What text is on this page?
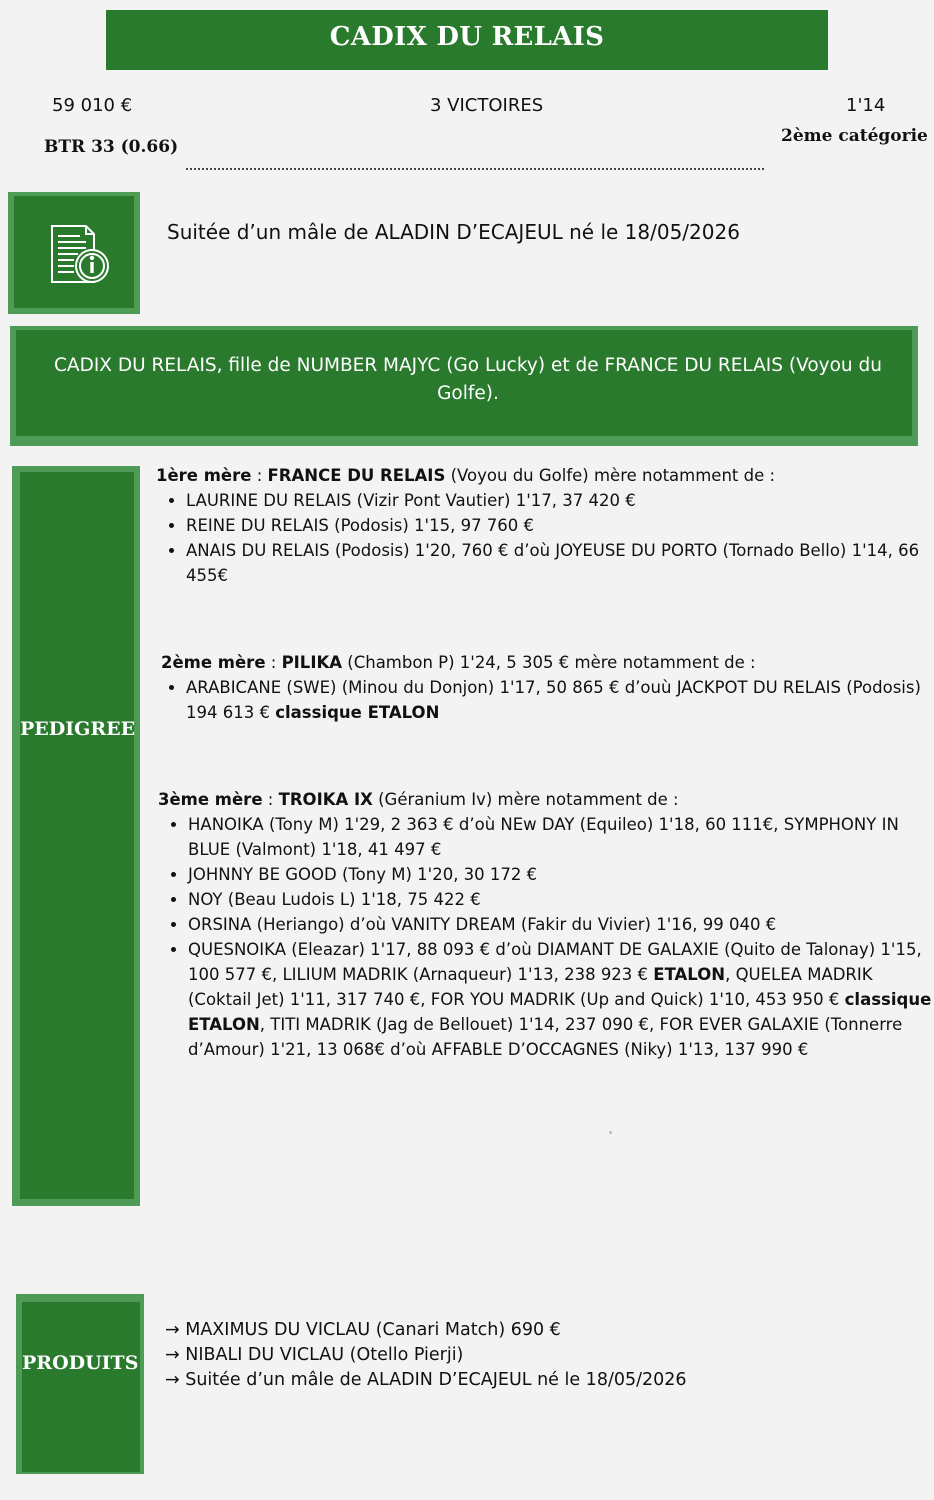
CADIX DU RELAIS
59 010 €	3 VICTOIRES	1'14
BTR 33 (0.66)
2ème catégorie
Suitée d’un mâle de ALADIN D’ECAJEUL né le 18/05/2026
CADIX DU RELAIS, fille de NUMBER MAJYC (Go Lucky) et de FRANCE DU RELAIS (Voyou du Golfe).
PEDIGREE

1ère mère : FRANCE DU RELAIS (Voyou du Golfe) mère notamment de :

• LAURINE DU RELAIS (Vizir Pont Vautier) 1'17, 37 420 €
• REINE DU RELAIS (Podosis) 1'15, 97 760 €
• ANAIS DU RELAIS (Podosis) 1'20, 760 € d’où JOYEUSE DU PORTO (Tornado Bello) 1'14, 66 455€

2ème mère : PILIKA (Chambon P) 1'24, 5 305 € mère notamment de :

• ARABICANE (SWE) (Minou du Donjon) 1'17, 50 865 € d’ouù JACKPOT DU RELAIS (Podosis) 194 613 € classique ETALON

3ème mère : TROIKA IX (Géranium Iv) mère notamment de :

• HANOIKA (Tony M) 1'29, 2 363 € d’où NEw DAY (Equileo) 1'18, 60 111€, SYMPHONY IN BLUE (Valmont) 1'18, 41 497 €
• JOHNNY BE GOOD (Tony M) 1'20, 30 172 €
• NOY (Beau Ludois L) 1'18, 75 422 €
• ORSINA (Heriango) d’où VANITY DREAM (Fakir du Vivier) 1'16, 99 040 €
• QUESNOIKA (Eleazar) 1'17, 88 093 € d’où DIAMANT DE GALAXIE (Quito de Talonay) 1'15, 100 577 €, LILIUM MADRIK (Arnaqueur) 1'13, 238 923 € ETALON, QUELEA MADRIK (Coktail Jet) 1'11, 317 740 €, FOR YOU MADRIK (Up and Quick) 1'10, 453 950 € classique ETALON, TITI MADRIK (Jag de Bellouet) 1'14, 237 090 €, FOR EVER GALAXIE (Tonnerre d’Amour) 1'21, 13 068€ d’où AFFABLE D’OCCAGNES (Niky) 1'13, 137 990 €
PRODUITS
→ MAXIMUS DU VICLAU (Canari Match) 690 €
→ NIBALI DU VICLAU (Otello Pierji)
→ Suitée d’un mâle de ALADIN D’ECAJEUL né le 18/05/2026
